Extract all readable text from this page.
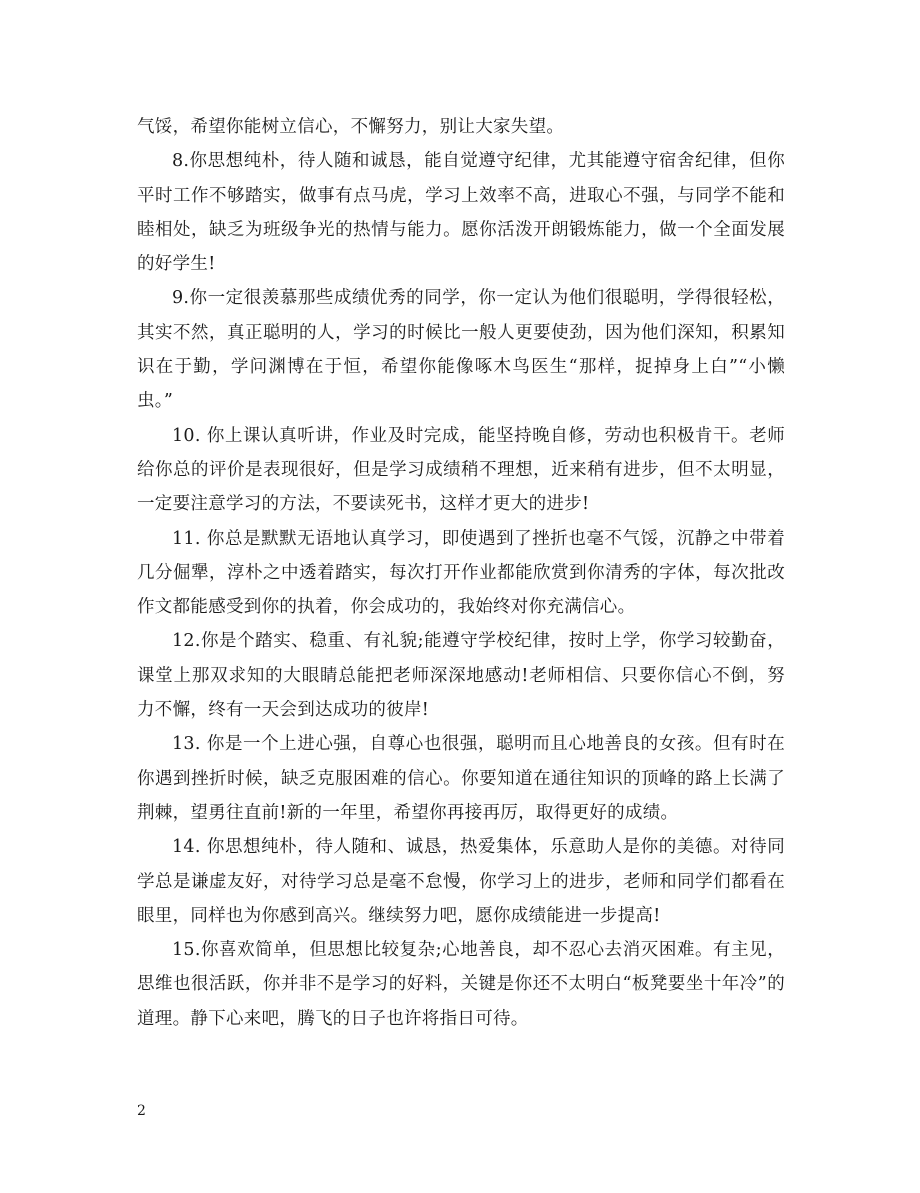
气馁，希望你能树立信心，不懈努力，别让大家失望。

8.你思想纯朴，待人随和诚恳，能自觉遵守纪律，尤其能遵守宿舍纪律，但你平时工作不够踏实，做事有点马虎，学习上效率不高，进取心不强，与同学不能和睦相处，缺乏为班级争光的热情与能力。愿你活泼开朗锻炼能力，做一个全面发展的好学生!

9.你一定很羡慕那些成绩优秀的同学，你一定认为他们很聪明，学得很轻松，其实不然，真正聪明的人，学习的时候比一般人更要使劲，因为他们深知，积累知识在于勤，学问渊博在于恒，希望你能像啄木鸟医生“那样，捉掉身上白”“小懒虫。”

10. 你上课认真听讲，作业及时完成，能坚持晚自修，劳动也积极肯干。老师给你总的评价是表现很好，但是学习成绩稍不理想，近来稍有进步，但不太明显，一定要注意学习的方法，不要读死书，这样才更大的进步!

11. 你总是默默无语地认真学习，即使遇到了挫折也毫不气馁，沉静之中带着几分倔犟，淳朴之中透着踏实，每次打开作业都能欣赏到你清秀的字体，每次批改作文都能感受到你的执着，你会成功的，我始终对你充满信心。

12.你是个踏实、稳重、有礼貌;能遵守学校纪律，按时上学，你学习较勤奋，课堂上那双求知的大眼睛总能把老师深深地感动!老师相信、只要你信心不倒，努力不懈，终有一天会到达成功的彼岸!

13. 你是一个上进心强，自尊心也很强，聪明而且心地善良的女孩。但有时在你遇到挫折时候，缺乏克服困难的信心。你要知道在通往知识的顶峰的路上长满了荆棘，望勇往直前!新的一年里，希望你再接再厉，取得更好的成绩。

14. 你思想纯朴，待人随和、诚恳，热爱集体，乐意助人是你的美德。对待同学总是谦虚友好，对待学习总是毫不怠慢，你学习上的进步，老师和同学们都看在眼里，同样也为你感到高兴。继续努力吧，愿你成绩能进一步提高!

15.你喜欢简单，但思想比较复杂;心地善良，却不忍心去消灭困难。有主见，思维也很活跃，你并非不是学习的好料，关键是你还不太明白“板凳要坐十年冷”的道理。静下心来吧，腾飞的日子也许将指日可待。

2
